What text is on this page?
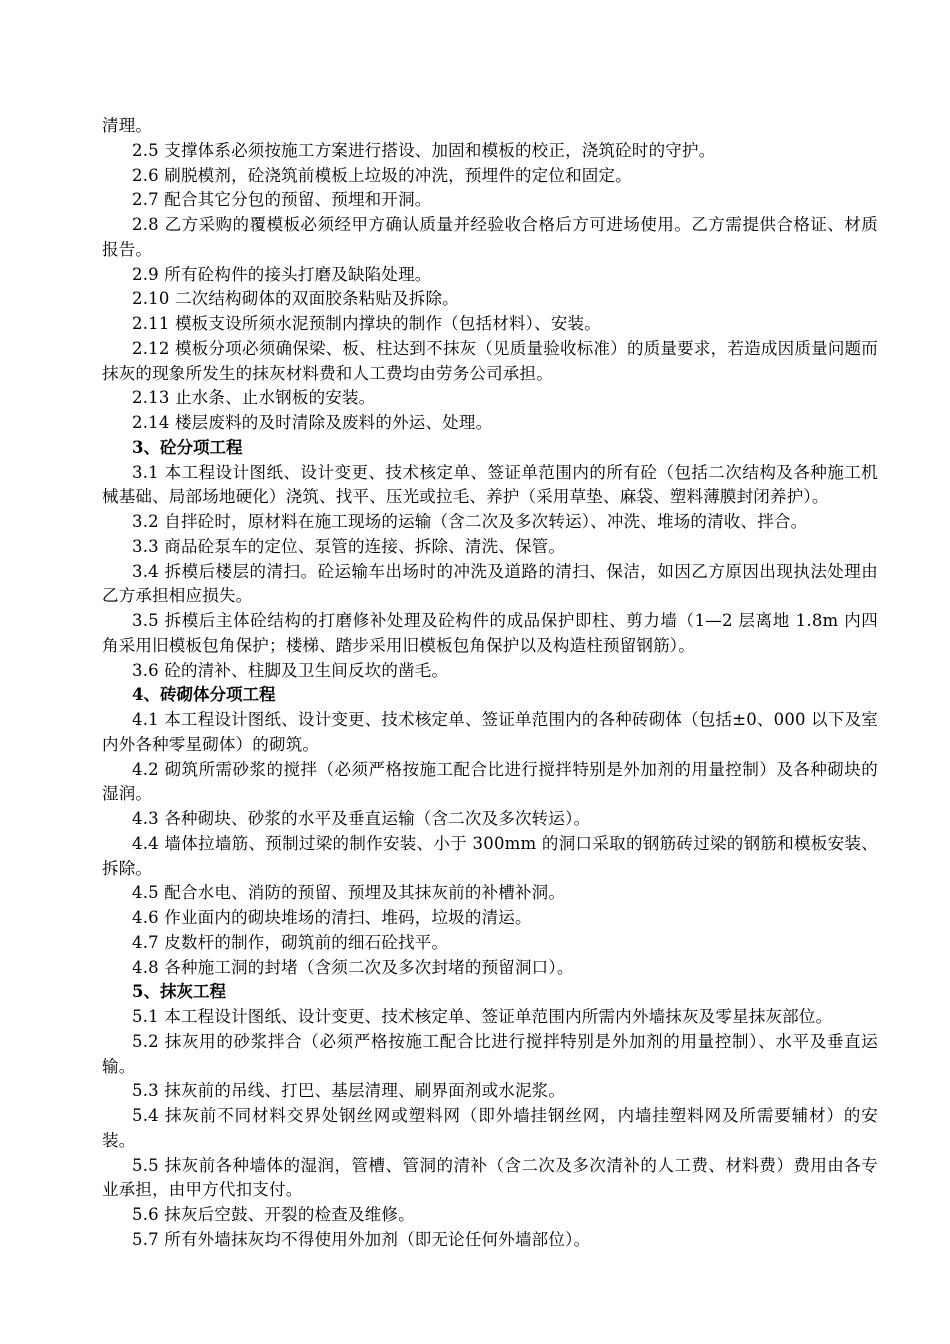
清理。

2.5 支撑体系必须按施工方案进行搭设、加固和模板的校正，浇筑砼时的守护。

2.6 刷脱模剂，砼浇筑前模板上垃圾的冲洗，预埋件的定位和固定。

2.7 配合其它分包的预留、预埋和开洞。

2.8 乙方采购的覆模板必须经甲方确认质量并经验收合格后方可进场使用。乙方需提供合格证、材质报告。

2.9 所有砼构件的接头打磨及缺陷处理。

2.10 二次结构砌体的双面胶条粘贴及拆除。

2.11 模板支设所须水泥预制内撑块的制作（包括材料）、安装。

2.12 模板分项必须确保梁、板、柱达到不抹灰（见质量验收标准）的质量要求，若造成因质量问题而抹灰的现象所发生的抹灰材料费和人工费均由劳务公司承担。

2.13 止水条、止水钢板的安装。

2.14 楼层废料的及时清除及废料的外运、处理。

3、砼分项工程

3.1 本工程设计图纸、设计变更、技术核定单、签证单范围内的所有砼（包括二次结构及各种施工机械基础、局部场地硬化）浇筑、找平、压光或拉毛、养护（采用草垫、麻袋、塑料薄膜封闭养护）。

3.2 自拌砼时，原材料在施工现场的运输（含二次及多次转运）、冲洗、堆场的清收、拌合。

3.3 商品砼泵车的定位、泵管的连接、拆除、清洗、保管。

3.4 拆模后楼层的清扫。砼运输车出场时的冲洗及道路的清扫、保洁，如因乙方原因出现执法处理由乙方承担相应损失。

3.5 拆模后主体砼结构的打磨修补处理及砼构件的成品保护即柱、剪力墙（1—2 层离地 1.8m 内四角采用旧模板包角保护；楼梯、踏步采用旧模板包角保护以及构造柱预留钢筋）。

3.6 砼的清补、柱脚及卫生间反坎的凿毛。

4、砖砌体分项工程

4.1 本工程设计图纸、设计变更、技术核定单、签证单范围内的各种砖砌体（包括±0、000 以下及室内外各种零星砌体）的砌筑。

4.2 砌筑所需砂浆的搅拌（必须严格按施工配合比进行搅拌特别是外加剂的用量控制）及各种砌块的湿润。

4.3 各种砌块、砂浆的水平及垂直运输（含二次及多次转运）。

4.4 墙体拉墙筋、预制过梁的制作安装、小于 300mm 的洞口采取的钢筋砖过梁的钢筋和模板安装、拆除。

4.5 配合水电、消防的预留、预埋及其抹灰前的补槽补洞。

4.6 作业面内的砌块堆场的清扫、堆码，垃圾的清运。

4.7 皮数杆的制作，砌筑前的细石砼找平。

4.8 各种施工洞的封堵（含须二次及多次封堵的预留洞口）。

5、抹灰工程

5.1 本工程设计图纸、设计变更、技术核定单、签证单范围内所需内外墙抹灰及零星抹灰部位。

5.2 抹灰用的砂浆拌合（必须严格按施工配合比进行搅拌特别是外加剂的用量控制）、水平及垂直运输。

5.3 抹灰前的吊线、打巴、基层清理、刷界面剂或水泥浆。

5.4 抹灰前不同材料交界处钢丝网或塑料网（即外墙挂钢丝网，内墙挂塑料网及所需要辅材）的安装。

5.5 抹灰前各种墙体的湿润，管槽、管洞的清补（含二次及多次清补的人工费、材料费）费用由各专业承担，由甲方代扣支付。

5.6 抹灰后空鼓、开裂的检查及维修。

5.7 所有外墙抹灰均不得使用外加剂（即无论任何外墙部位）。
